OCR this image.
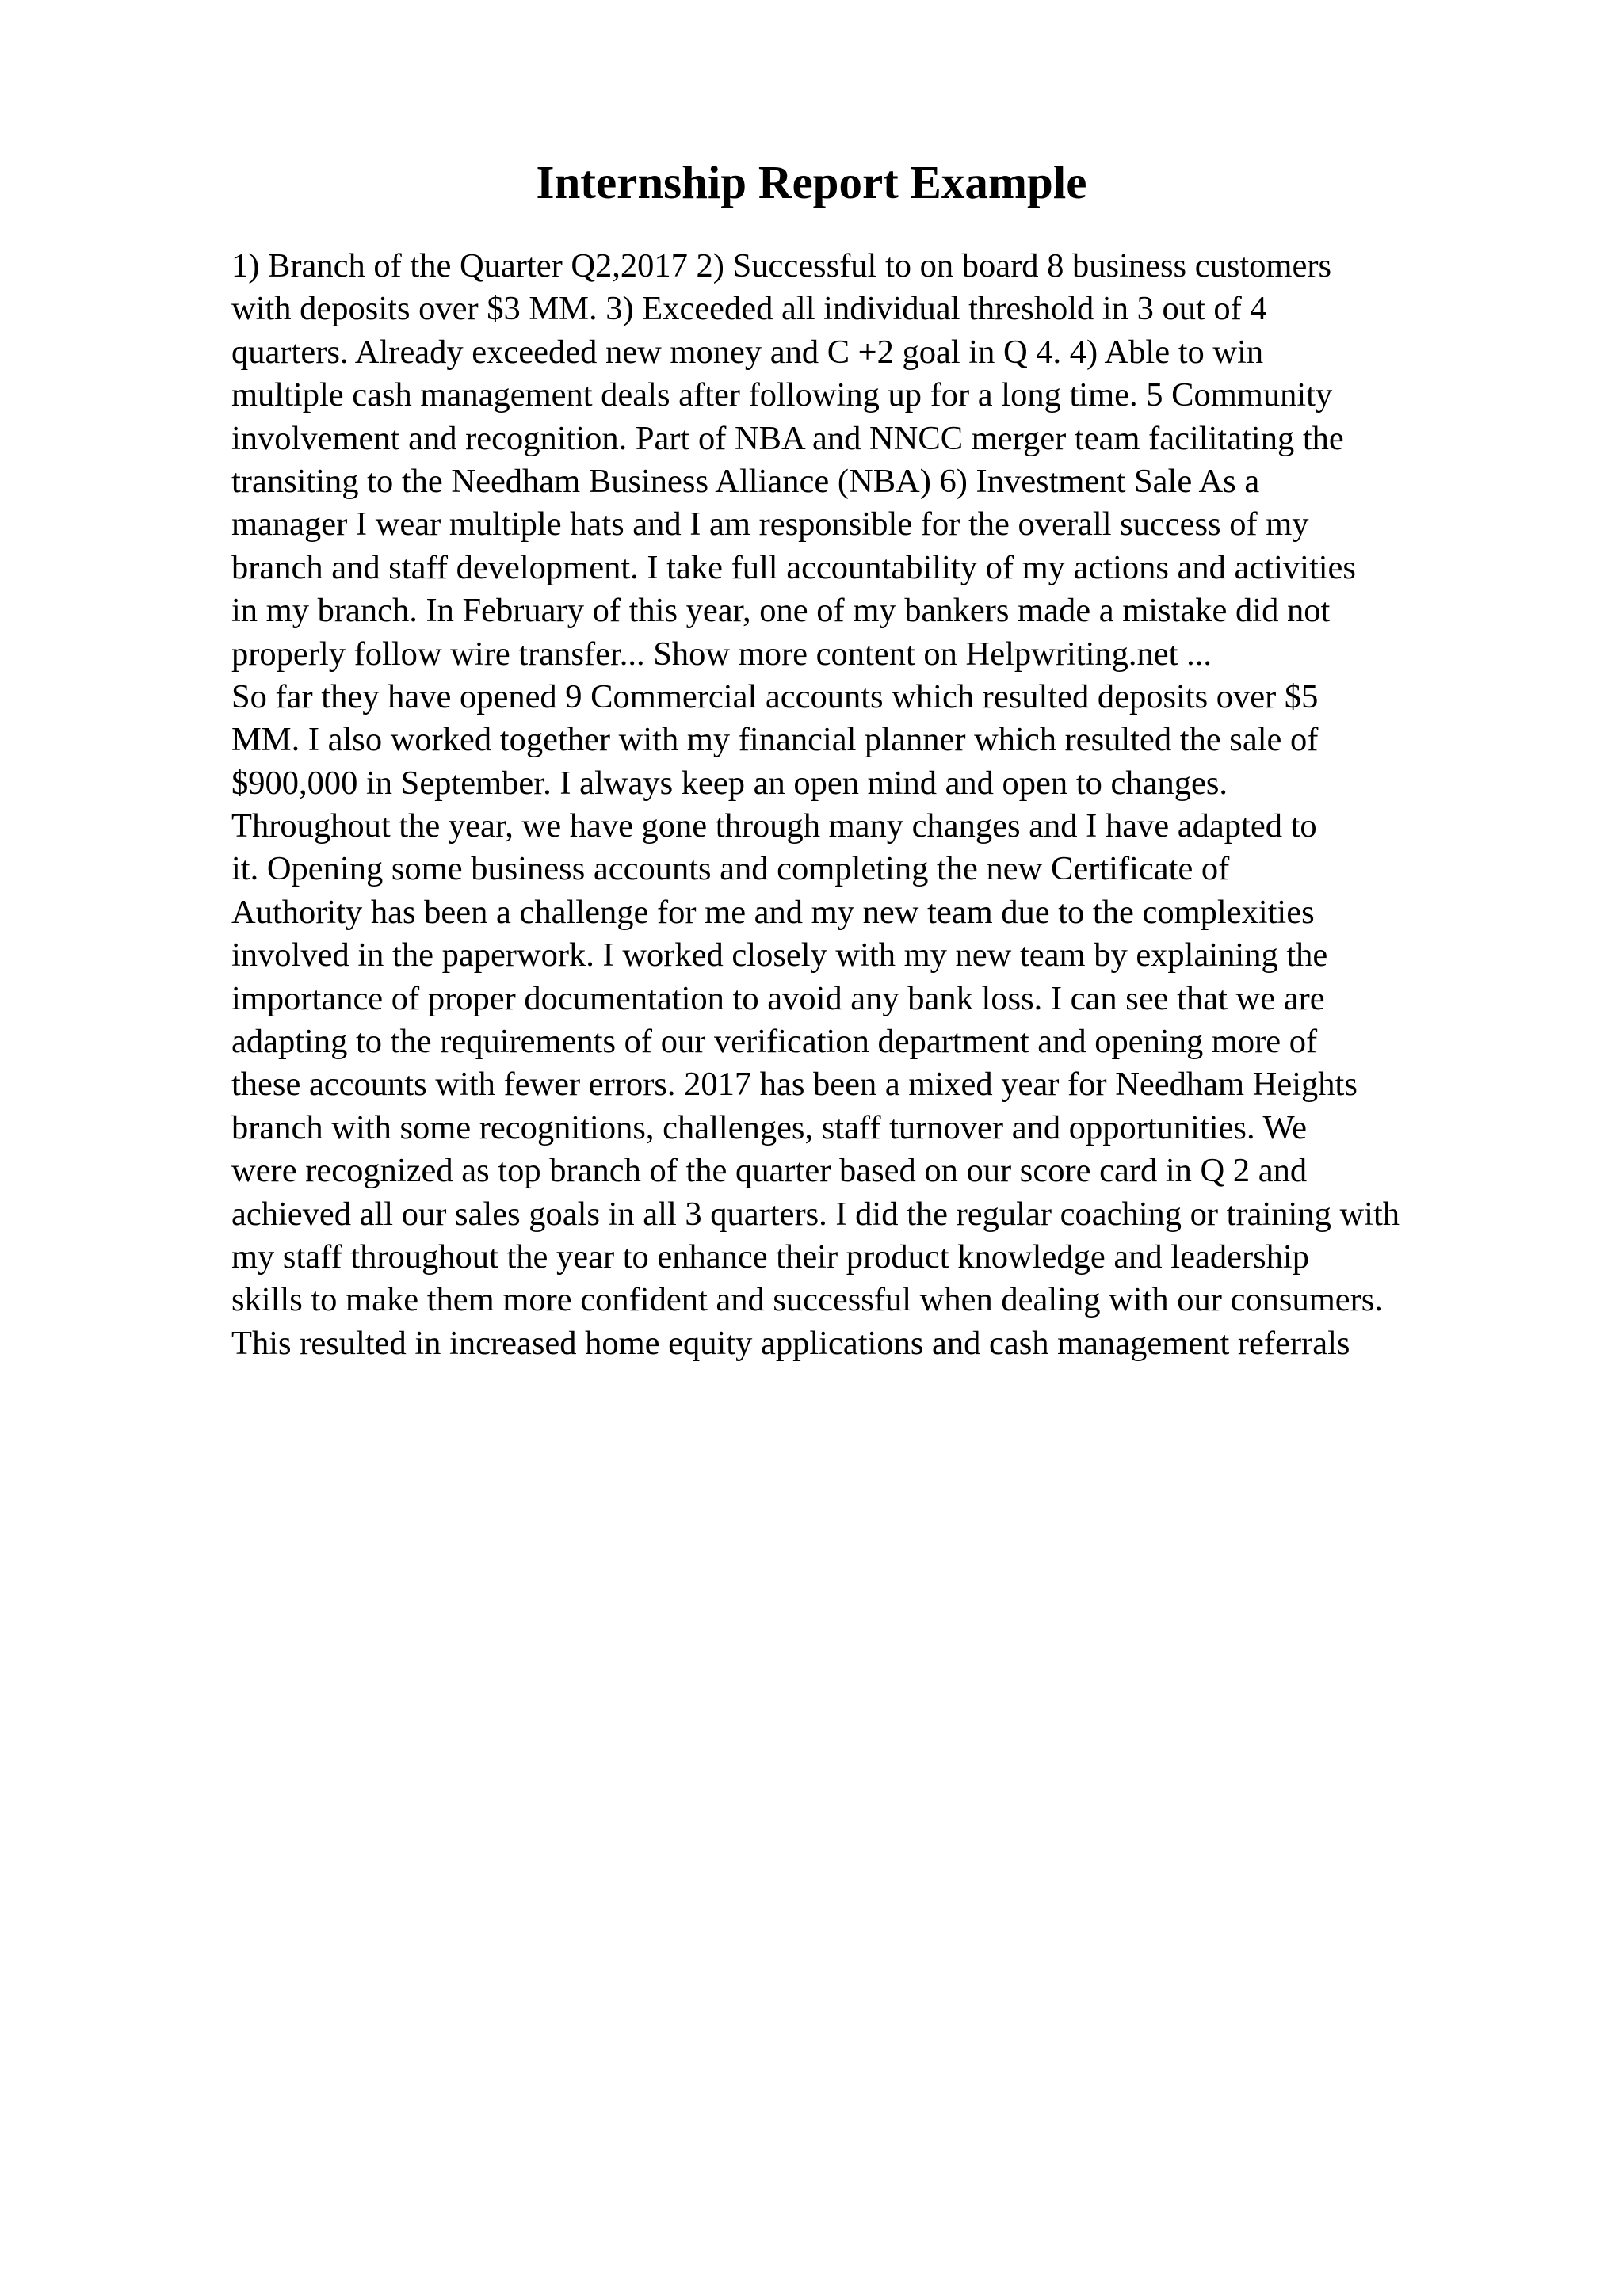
Internship Report Example
1) Branch of the Quarter Q2,2017 2) Successful to on board 8 business customers
with deposits over $3 MM. 3) Exceeded all individual threshold in 3 out of 4
quarters. Already exceeded new money and C +2 goal in Q 4. 4) Able to win
multiple cash management deals after following up for a long time. 5 Community
involvement and recognition. Part of NBA and NNCC merger team facilitating the
transiting to the Needham Business Alliance (NBA) 6) Investment Sale As a
manager I wear multiple hats and I am responsible for the overall success of my
branch and staff development. I take full accountability of my actions and activities
in my branch. In February of this year, one of my bankers made a mistake did not
properly follow wire transfer... Show more content on Helpwriting.net ...
So far they have opened 9 Commercial accounts which resulted deposits over $5
MM. I also worked together with my financial planner which resulted the sale of
$900,000 in September. I always keep an open mind and open to changes.
Throughout the year, we have gone through many changes and I have adapted to
it. Opening some business accounts and completing the new Certificate of
Authority has been a challenge for me and my new team due to the complexities
involved in the paperwork. I worked closely with my new team by explaining the
importance of proper documentation to avoid any bank loss. I can see that we are
adapting to the requirements of our verification department and opening more of
these accounts with fewer errors. 2017 has been a mixed year for Needham Heights
branch with some recognitions, challenges, staff turnover and opportunities. We
were recognized as top branch of the quarter based on our score card in Q 2 and
achieved all our sales goals in all 3 quarters. I did the regular coaching or training with
my staff throughout the year to enhance their product knowledge and leadership
skills to make them more confident and successful when dealing with our consumers.
This resulted in increased home equity applications and cash management referrals
